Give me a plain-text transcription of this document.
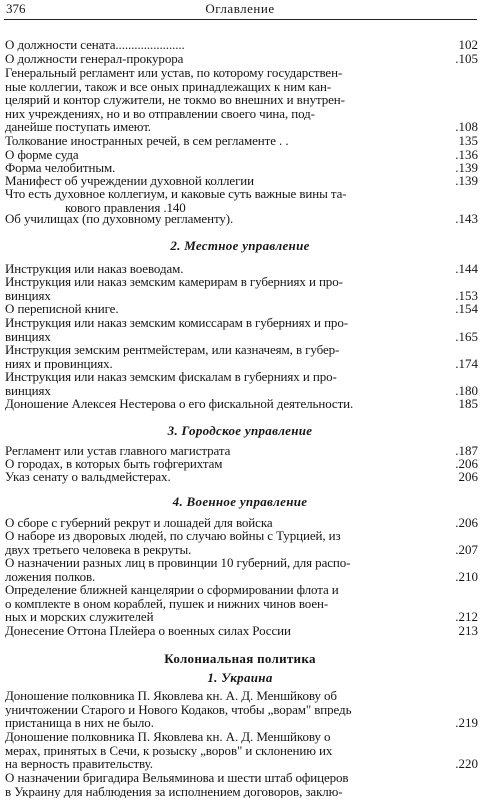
376	Оглавление
О должности сената......................	102
О должности генерал-прокурора	.105
Генеральный регламент или устав, по которому государствен-
ные коллегии, також и все оных принадлежащих к ним кан-
целярий и контор служители, не токмо во внешних и внутрен-
них учреждениях, но и во отправлении своего чина, под-
данейше поступать имеют.	.108
Толкование иностранных речей, в сем регламенте . .	135
О форме суда	.136
Форма челобитным.	.139
Манифест об учреждении духовной коллегии	.139
Что есть духовное коллегиум, и каковые суть важные вины та-
кового правления .140
Об училищах (по духовному регламенту).	.143
2. Местное управление
Инструкция или наказ воеводам.	.144
Инструкция или наказ земским камерирам в губерниях и про-
винциях	.153
О переписной книге.	.154
Инструкция или наказ земским комиссарам в губерниях и про-
винциях	.165
Инструкция земским рентмейстерам, или казначеям, в губер-
ниях и провинциях.	.174
Инструкция или наказ земским фискалам в губерниях и про-
винциях	.180
Доношение Алексея Нестерова о его фискальной деятельности.	185
3. Городское управление
Регламент или устав главного магистрата	.187
О городах, в которых быть гофгерихтам	.206
Указ сенату о вальдмейстерах.	206
4. Военное управление
О сборе с губерний рекрут и лошадей для войска	.206
О наборе из дворовых людей, по случаю войны с Турцией, из
двух третьего человека в рекруты.	.207
О назначении разных лиц в провинции 10 губерний, для распо-
ложения полков.	.210
Определение ближней канцелярии о сформировании флота и
о комплекте в оном кораблей, пушек и нижних чинов воен-
ных и морских служителей	.212
Донесение Оттона Плейера о военных силах России	213
Колониальная политика
1. Украина
Доношение полковника П. Яковлева кн. А. Д. Меншйкову об
уничтожении Старого и Нового Кодаков, чтобы „ворам" впредь
пристанища в них не было.	.219
Доношение полковника П. Яковлева кн. А. Д. Меншйкову о
мерах, принятых в Сечи, к розыску „воров" и склонению их
на верность правительству.	.220
О назначении бригадира Вельяминова и шести штаб офицеров
в Украину для наблюдения за исполнением договоров, заклю-
